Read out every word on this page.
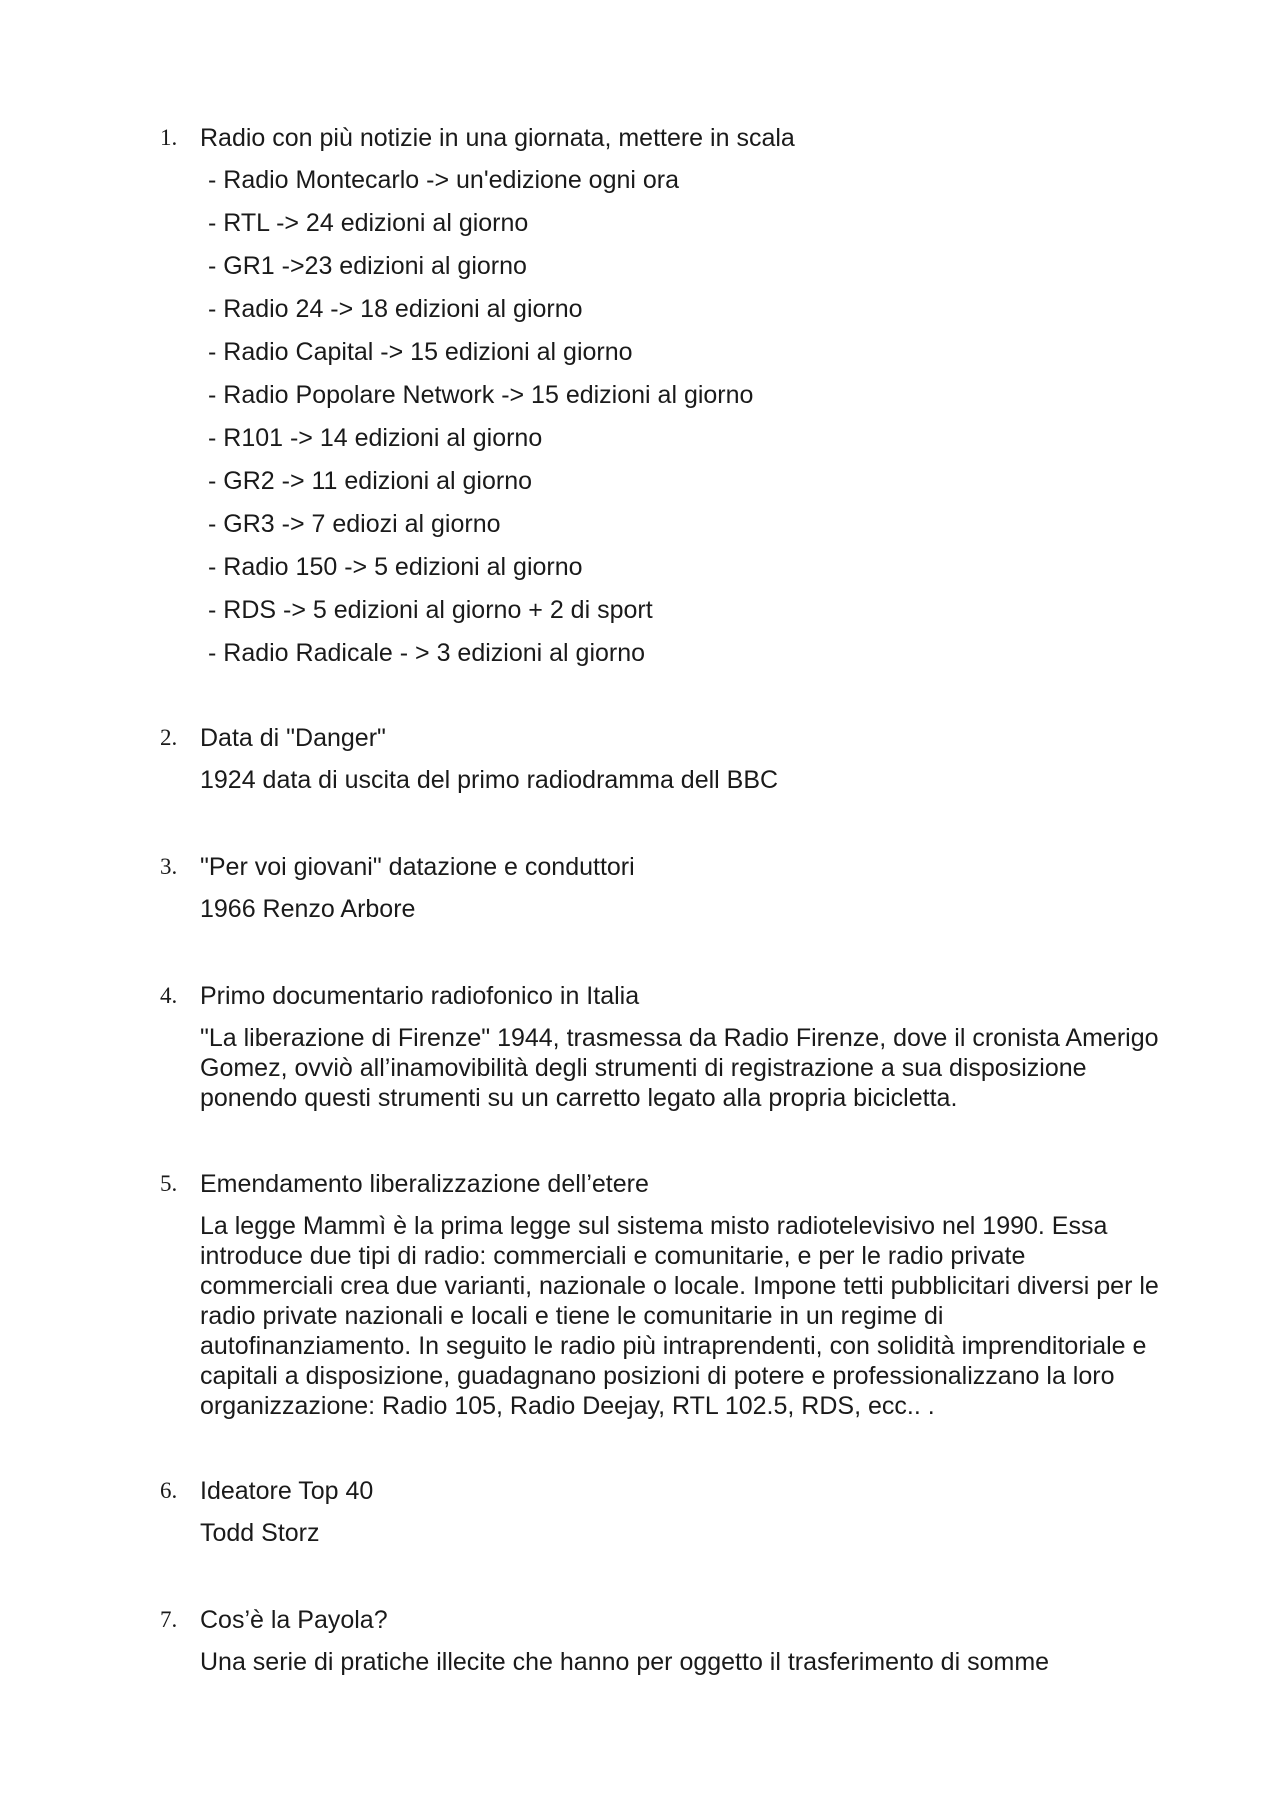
1. Radio con più notizie in una giornata, mettere in scala
- Radio Montecarlo -> un'edizione ogni ora
- RTL -> 24 edizioni al giorno
- GR1 ->23 edizioni al giorno
- Radio 24 -> 18 edizioni al giorno
- Radio Capital -> 15 edizioni al giorno
- Radio Popolare Network -> 15 edizioni al giorno
- R101 -> 14 edizioni al giorno
- GR2 -> 11 edizioni al giorno
- GR3 -> 7 ediozi al giorno
- Radio 150 -> 5 edizioni al giorno
- RDS -> 5 edizioni al giorno + 2 di sport
- Radio Radicale - > 3 edizioni al giorno
2. Data di "Danger"
1924 data di uscita del primo radiodramma dell BBC
3. "Per voi giovani" datazione e conduttori
1966 Renzo Arbore
4. Primo documentario radiofonico in Italia
"La liberazione di Firenze" 1944, trasmessa da Radio Firenze, dove il cronista Amerigo Gomez, ovviò all’inamovibilità degli strumenti di registrazione a sua disposizione ponendo questi strumenti su un carretto legato alla propria bicicletta.
5. Emendamento liberalizzazione dell’etere
La legge Mammì è la prima legge sul sistema misto radiotelevisivo nel 1990. Essa introduce due tipi di radio: commerciali e comunitarie, e per le radio private commerciali crea due varianti, nazionale o locale. Impone tetti pubblicitari diversi per le radio private nazionali e locali e tiene le comunitarie in un regime di autofinanziamento. In seguito le radio più intraprendenti, con solidità imprenditoriale e capitali a disposizione, guadagnano posizioni di potere e professionalizzano la loro organizzazione: Radio 105, Radio Deejay, RTL 102.5, RDS, ecc.. .
6. Ideatore Top 40
Todd Storz
7. Cos’è la Payola?
Una serie di pratiche illecite che hanno per oggetto il trasferimento di somme
